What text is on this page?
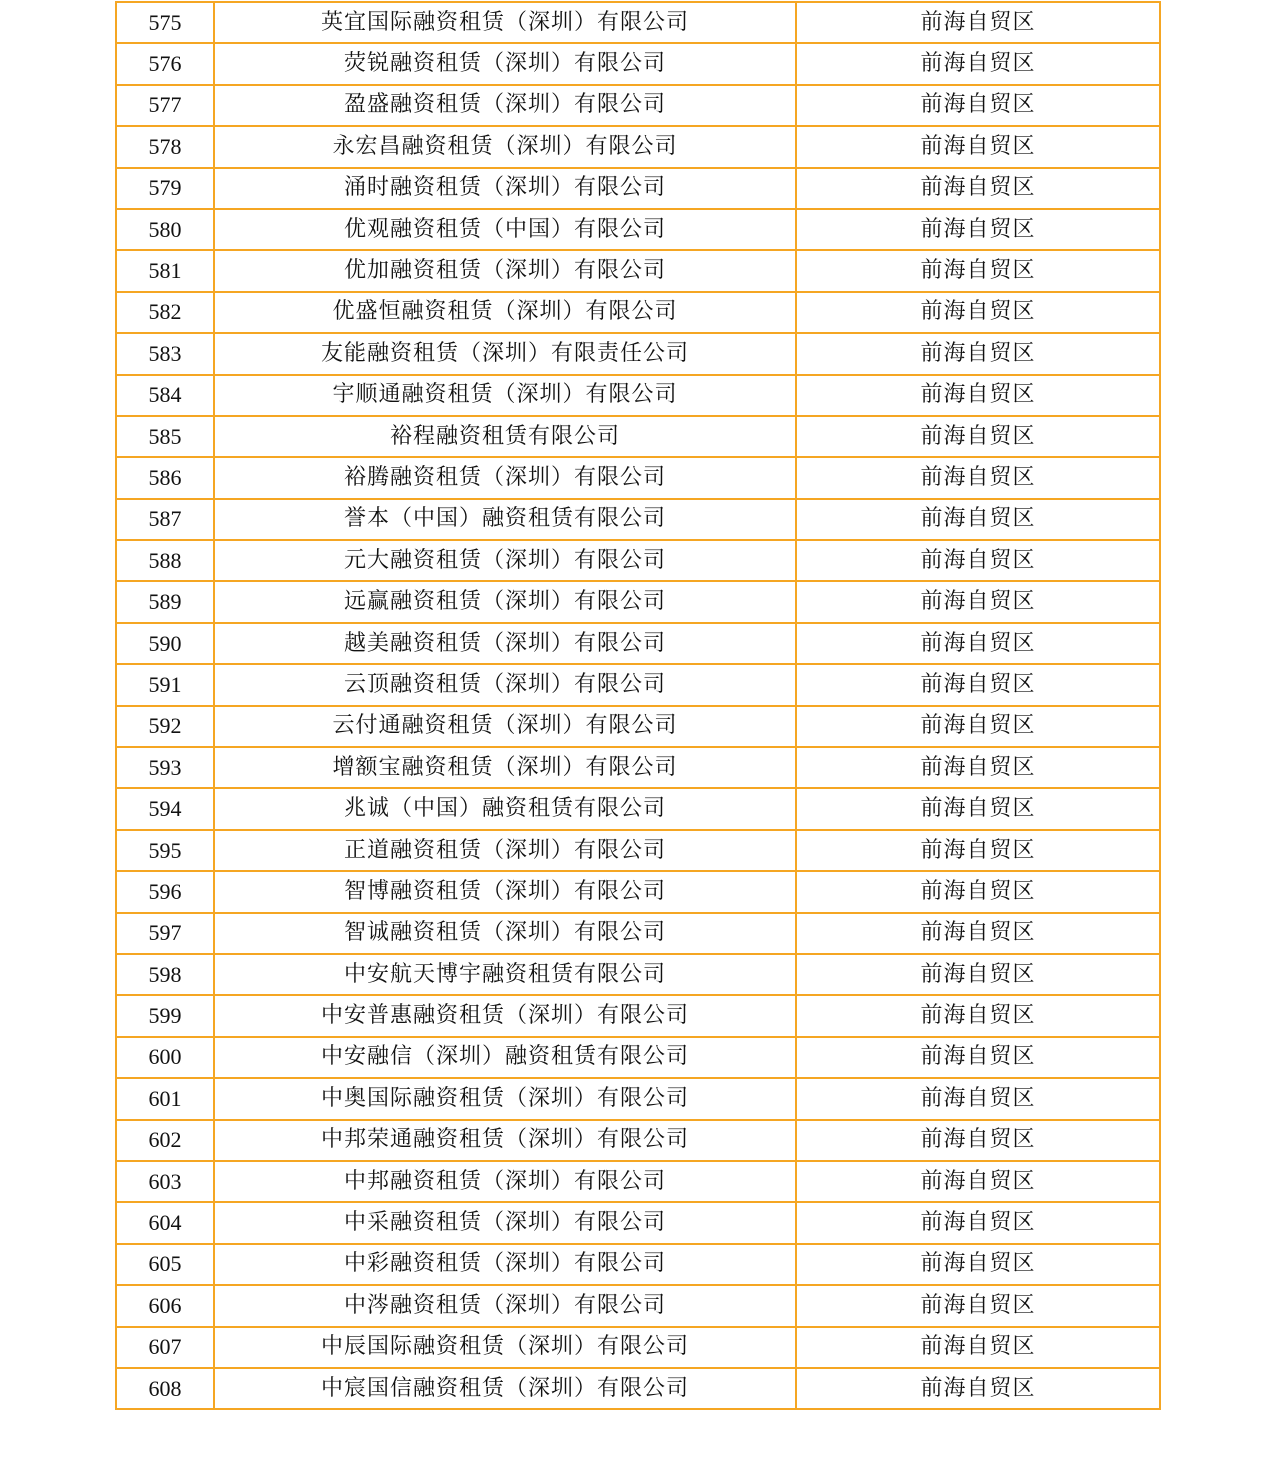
575	英宜国际融资租赁（深圳）有限公司	前海自贸区
576	荧锐融资租赁（深圳）有限公司	前海自贸区
577	盈盛融资租赁（深圳）有限公司	前海自贸区
578	永宏昌融资租赁（深圳）有限公司	前海自贸区
579	涌时融资租赁（深圳）有限公司	前海自贸区
580	优观融资租赁（中国）有限公司	前海自贸区
581	优加融资租赁（深圳）有限公司	前海自贸区
582	优盛恒融资租赁（深圳）有限公司	前海自贸区
583	友能融资租赁（深圳）有限责任公司	前海自贸区
584	宇顺通融资租赁（深圳）有限公司	前海自贸区
585	裕程融资租赁有限公司	前海自贸区
586	裕腾融资租赁（深圳）有限公司	前海自贸区
587	誉本（中国）融资租赁有限公司	前海自贸区
588	元大融资租赁（深圳）有限公司	前海自贸区
589	远赢融资租赁（深圳）有限公司	前海自贸区
590	越美融资租赁（深圳）有限公司	前海自贸区
591	云顶融资租赁（深圳）有限公司	前海自贸区
592	云付通融资租赁（深圳）有限公司	前海自贸区
593	增额宝融资租赁（深圳）有限公司	前海自贸区
594	兆诚（中国）融资租赁有限公司	前海自贸区
595	正道融资租赁（深圳）有限公司	前海自贸区
596	智博融资租赁（深圳）有限公司	前海自贸区
597	智诚融资租赁（深圳）有限公司	前海自贸区
598	中安航天博宇融资租赁有限公司	前海自贸区
599	中安普惠融资租赁（深圳）有限公司	前海自贸区
600	中安融信（深圳）融资租赁有限公司	前海自贸区
601	中奥国际融资租赁（深圳）有限公司	前海自贸区
602	中邦荣通融资租赁（深圳）有限公司	前海自贸区
603	中邦融资租赁（深圳）有限公司	前海自贸区
604	中采融资租赁（深圳）有限公司	前海自贸区
605	中彩融资租赁（深圳）有限公司	前海自贸区
606	中涔融资租赁（深圳）有限公司	前海自贸区
607	中辰国际融资租赁（深圳）有限公司	前海自贸区
608	中宸国信融资租赁（深圳）有限公司	前海自贸区
